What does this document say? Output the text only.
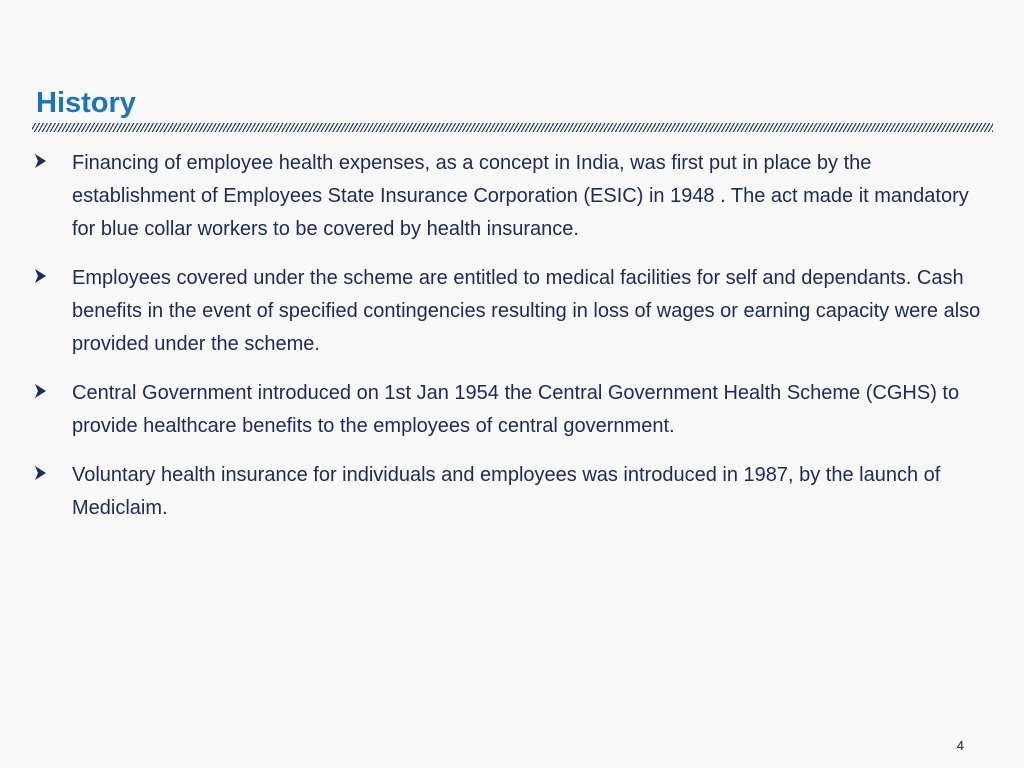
History
Financing of employee health expenses, as a concept in India, was first put in place by the establishment of Employees State Insurance Corporation (ESIC) in 1948 . The act made it mandatory for blue collar workers to be covered by health insurance.
Employees covered under the scheme are entitled to medical facilities for self and dependants. Cash benefits in the event of specified contingencies resulting in loss of wages or earning capacity were also provided under the scheme.
Central Government introduced on 1st Jan 1954 the Central Government Health Scheme (CGHS) to provide healthcare benefits to the employees of central government.
Voluntary health insurance for individuals and employees was introduced in 1987, by the launch of Mediclaim.
4
